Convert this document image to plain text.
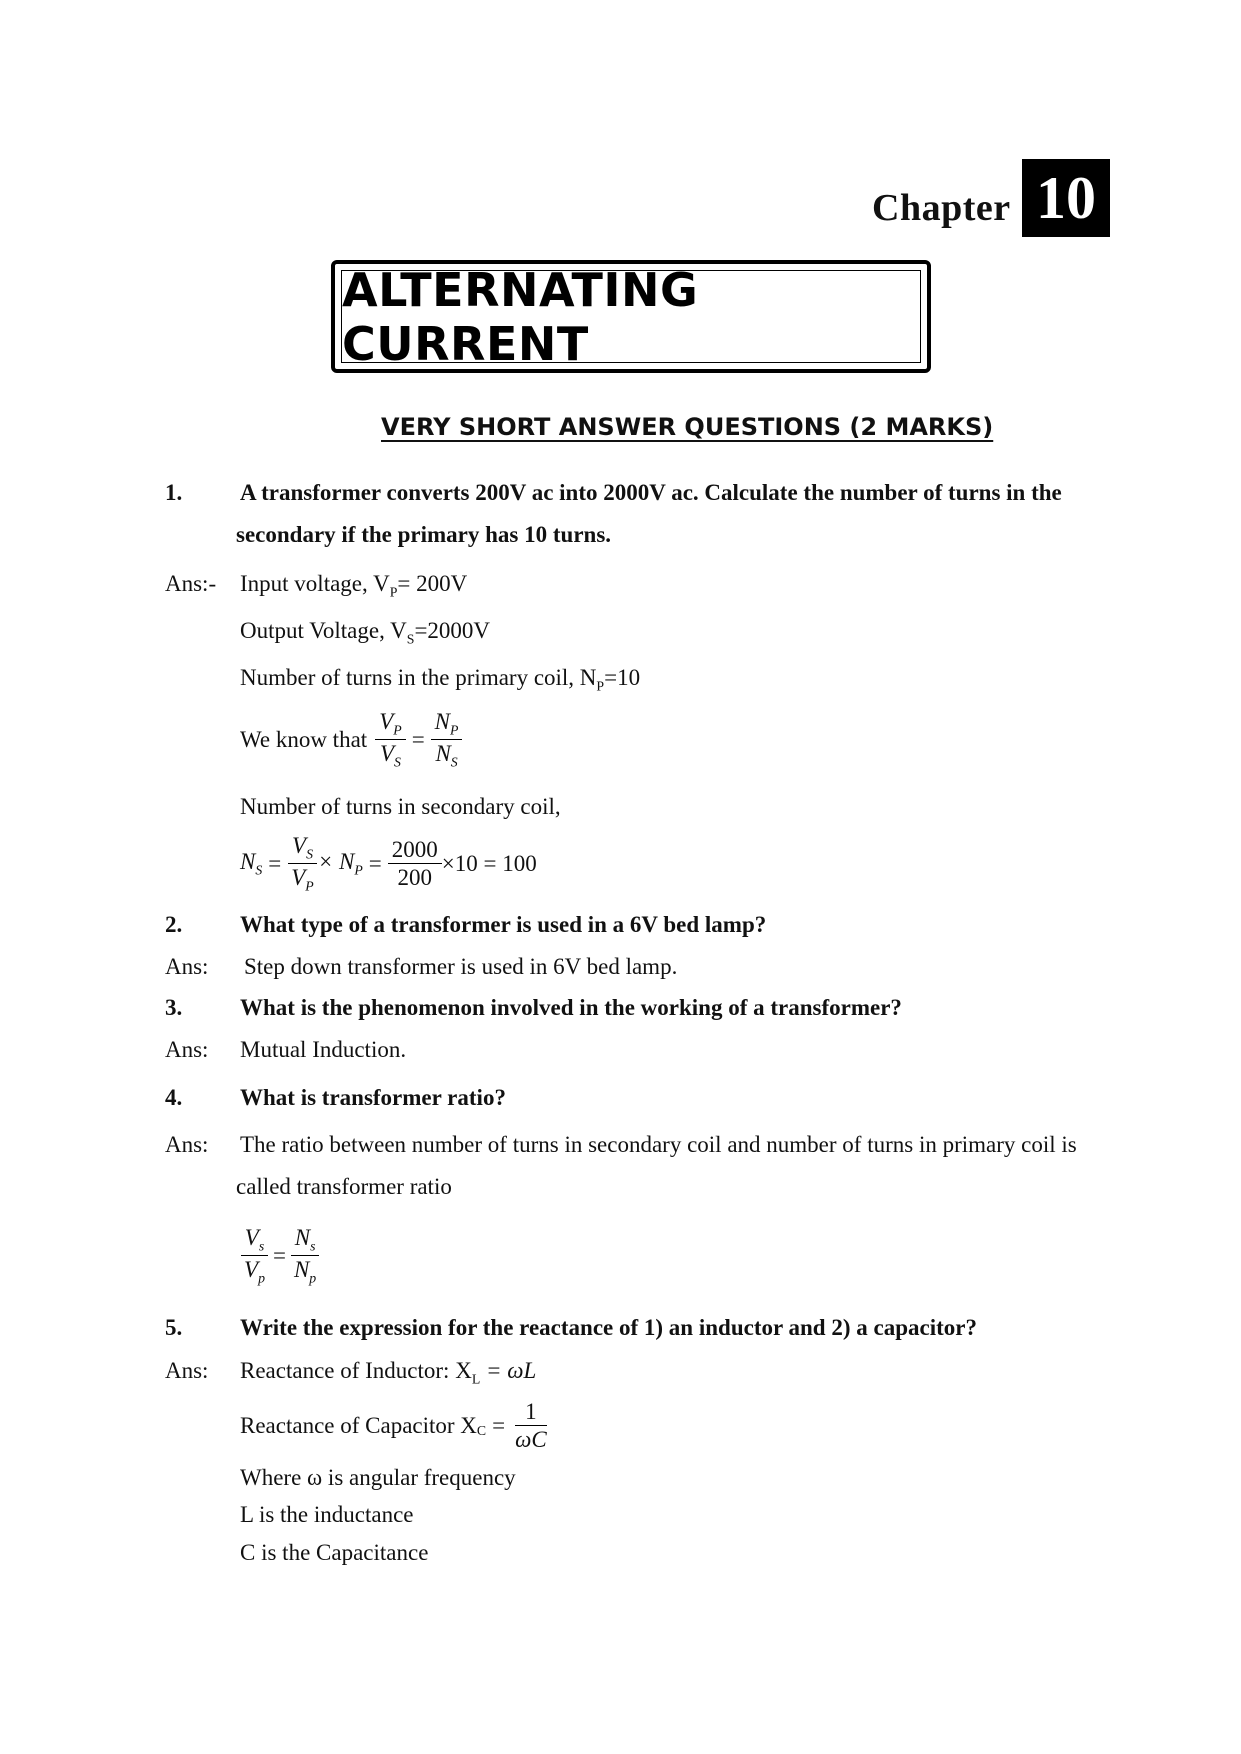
Chapter 10
ALTERNATING CURRENT
VERY SHORT ANSWER QUESTIONS (2 MARKS)
1.	A transformer converts 200V ac into 2000V ac. Calculate the number of turns in the
secondary if the primary has 10 turns.
Ans:- Input voltage, $V_P= 200V$
Output Voltage, $V_S=2000V$
Number of turns in the primary coil, $N_P=10$
We know that $\frac{V_P}{V_S} = \frac{N_P}{N_S}$
Number of turns in secondary coil,
$N_S = \frac{V_S}{V_P} \times N_P = \frac{2000}{200} \times 10 = 100$
2.	What type of a transformer is used in a 6V bed lamp?
Ans: Step down transformer is used in 6V bed lamp.
3.	What is the phenomenon involved in the working of a transformer?
Ans: Mutual Induction.
4.	What is transformer ratio?
Ans: The ratio between number of turns in secondary coil and number of turns in primary coil is
called transformer ratio
$\frac{V_s}{V_p} = \frac{N_s}{N_p}$
5.	Write the expression for the reactance of 1) an inductor and 2) a capacitor?
Ans: Reactance of Inductor: $X_L = \omega L$
Reactance of Capacitor $X_C = \frac{1}{\omega C}$
Where ω is angular frequency
L is the inductance
C is the Capacitance
